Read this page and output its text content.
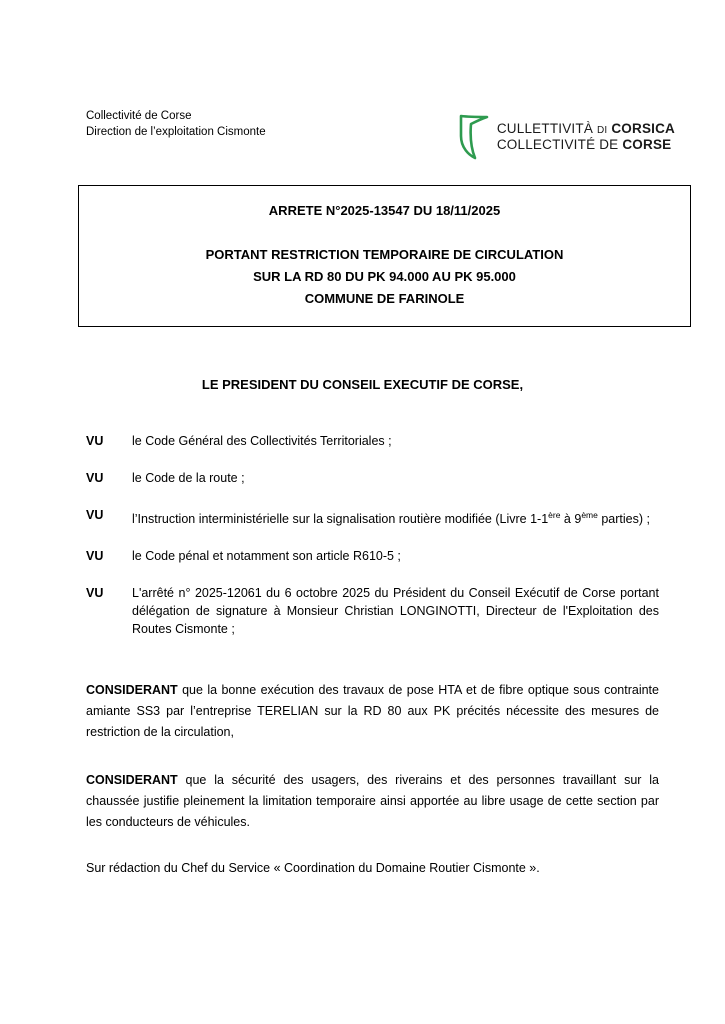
Collectivité de Corse
Direction de l’exploitation Cismonte	CULLETTIVITÀ DI CORSICA
COLLECTIVITÉ DE CORSE
ARRETE N°2025-13547 DU 18/11/2025
PORTANT RESTRICTION TEMPORAIRE DE CIRCULATION
SUR LA RD 80 DU PK 94.000 AU PK 95.000
COMMUNE DE FARINOLE
LE PRESIDENT DU CONSEIL EXECUTIF DE CORSE,
VU	le Code Général des Collectivités Territoriales ;
VU	le Code de la route ;
VU	l’Instruction interministérielle sur la signalisation routière modifiée (Livre 1-1ère à 9ème parties) ;
VU	le Code pénal et notamment son article R610-5 ;
VU	L'arrêté n° 2025-12061 du 6 octobre 2025 du Président du Conseil Exécutif de Corse portant délégation de signature à Monsieur Christian LONGINOTTI, Directeur de l'Exploitation des Routes Cismonte ;
CONSIDERANT que la bonne exécution des travaux de pose HTA et de fibre optique sous contrainte amiante SS3 par l’entreprise TERELIAN sur la RD 80 aux PK précités nécessite des mesures de restriction de la circulation,
CONSIDERANT que la sécurité des usagers, des riverains et des personnes travaillant sur la chaussée justifie pleinement la limitation temporaire ainsi apportée au libre usage de cette section par les conducteurs de véhicules.
Sur rédaction du Chef du Service « Coordination du Domaine Routier Cismonte ».
